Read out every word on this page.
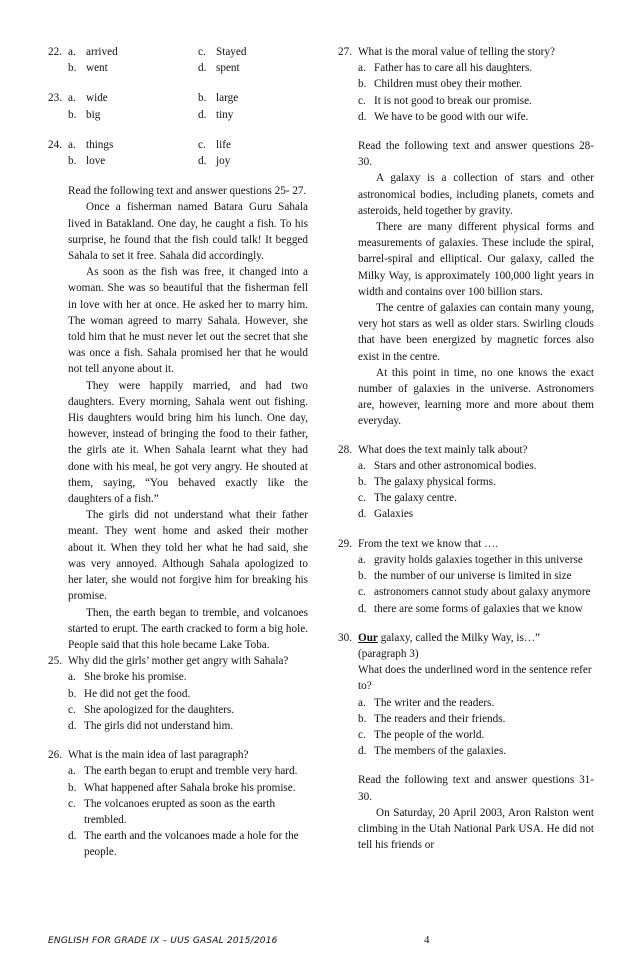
22. a. arrived	c. Stayed
b. went	d. spent
23. a. wide	b. large
b. big	d. tiny
24. a. things	c. life
b. love	d. joy
Read the following text and answer questions 25- 27.
Once a fisherman named Batara Guru Sahala lived in Batakland. One day, he caught a fish. To his surprise, he found that the fish could talk! It begged Sahala to set it free. Sahala did accordingly.
As soon as the fish was free, it changed into a woman. She was so beautiful that the fisherman fell in love with her at once. He asked her to marry him. The woman agreed to marry Sahala. However, she told him that he must never let out the secret that she was once a fish. Sahala promised her that he would not tell anyone about it.
They were happily married, and had two daughters. Every morning, Sahala went out fishing. His daughters would bring him his lunch. One day, however, instead of bringing the food to their father, the girls ate it. When Sahala learnt what they had done with his meal, he got very angry. He shouted at them, saying, “You behaved exactly like the daughters of a fish.”
The girls did not understand what their father meant. They went home and asked their mother about it. When they told her what he had said, she was very annoyed. Although Sahala apologized to her later, she would not forgive him for breaking his promise.
Then, the earth began to tremble, and volcanoes started to erupt. The earth cracked to form a big hole. People said that this hole became Lake Toba.
25. Why did the girls’ mother get angry with Sahala?
a. She broke his promise.
b. He did not get the food.
c. She apologized for the daughters.
d. The girls did not understand him.
26. What is the main idea of last paragraph?
a. The earth began to erupt and tremble very hard.
b. What happened after Sahala broke his promise.
c. The volcanoes erupted as soon as the earth trembled.
d. The earth and the volcanoes made a hole for the people.
27. What is the moral value of telling the story?
a. Father has to care all his daughters.
b. Children must obey their mother.
c. It is not good to break our promise.
d. We have to be good with our wife.
Read the following text and answer questions 28- 30.
A galaxy is a collection of stars and other astronomical bodies, including planets, comets and asteroids, held together by gravity.
There are many different physical forms and measurements of galaxies. These include the spiral, barrel-spiral and elliptical. Our galaxy, called the Milky Way, is approximately 100,000 light years in width and contains over 100 billion stars.
The centre of galaxies can contain many young, very hot stars as well as older stars. Swirling clouds that have been energized by magnetic forces also exist in the centre.
At this point in time, no one knows the exact number of galaxies in the universe. Astronomers are, however, learning more and more about them everyday.
28. What does the text mainly talk about?
a. Stars and other astronomical bodies.
b. The galaxy physical forms.
c. The galaxy centre.
d. Galaxies
29. From the text we know that ….
a. gravity holds galaxies together in this universe
b. the number of our universe is limited in size
c. astronomers cannot study about galaxy anymore
d. there are some forms of galaxies that we know
30. Our galaxy, called the Milky Way, is…”
(paragraph 3)
What does the underlined word in the sentence refer to?
a. The writer and the readers.
b. The readers and their friends.
c. The people of the world.
d. The members of the galaxies.
Read the following text and answer questions 31- 30.
On Saturday, 20 April 2003, Aron Ralston went climbing in the Utah National Park USA. He did not tell his friends or
ENGLISH FOR GRADE IX – UUS GASAL 2015/2016	4
